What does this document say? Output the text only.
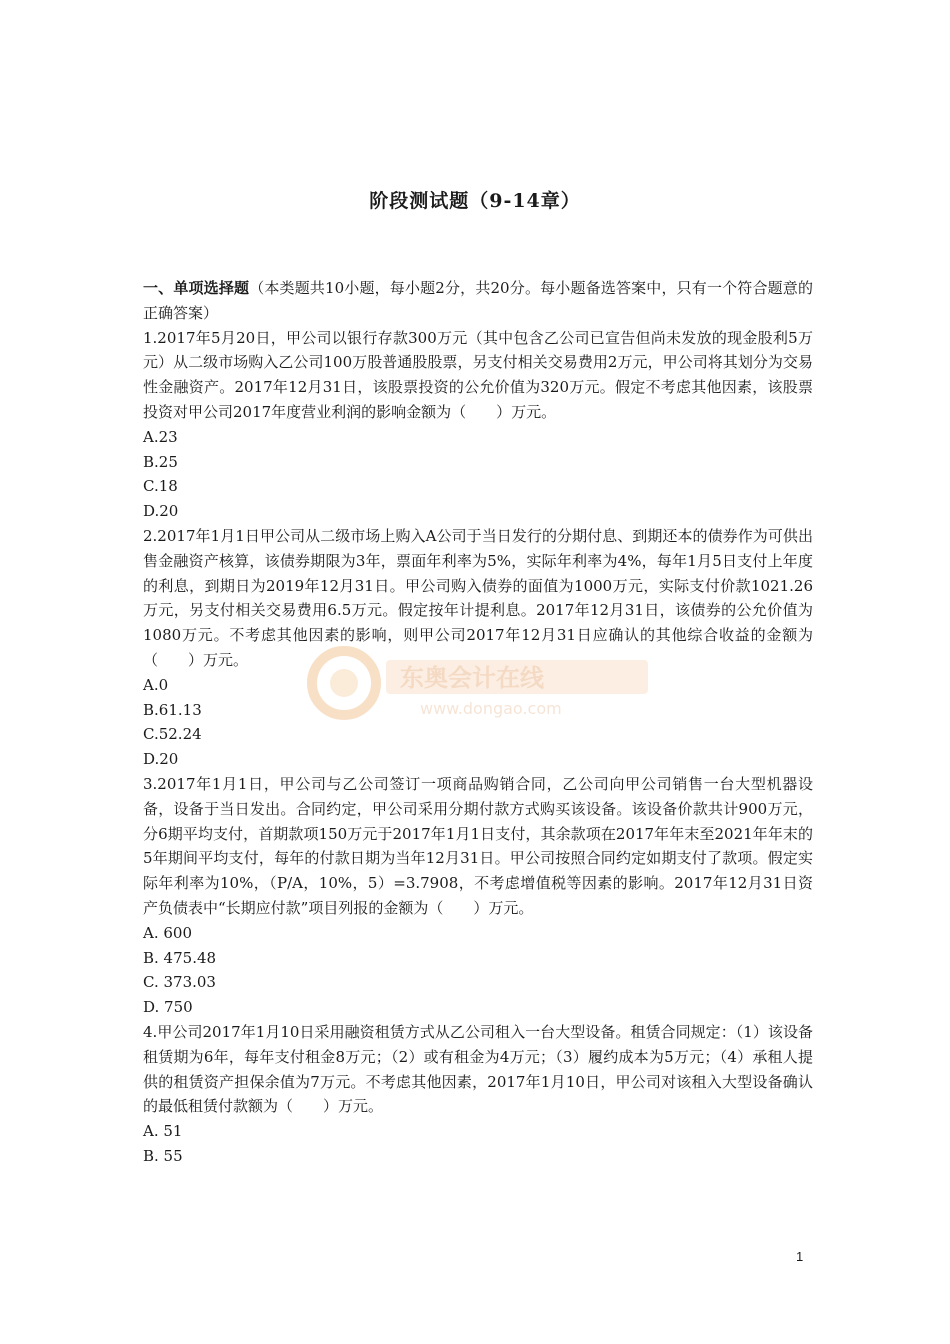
阶段测试题（9-14章）

一、单项选择题（本类题共10小题，每小题2分，共20分。每小题备选答案中，只有一个符合题意的正确答案）

1.2017年5月20日，甲公司以银行存款300万元（其中包含乙公司已宣告但尚未发放的现金股利5万元）从二级市场购入乙公司100万股普通股股票，另支付相关交易费用2万元，甲公司将其划分为交易性金融资产。2017年12月31日，该股票投资的公允价值为320万元。假定不考虑其他因素，该股票投资对甲公司2017年度营业利润的影响金额为（　　）万元。

A.23

B.25

C.18

D.20

2.2017年1月1日甲公司从二级市场上购入A公司于当日发行的分期付息、到期还本的债券作为可供出售金融资产核算，该债券期限为3年，票面年利率为5%，实际年利率为4%，每年1月5日支付上年度的利息，到期日为2019年12月31日。甲公司购入债券的面值为1000万元，实际支付价款1021.26万元，另支付相关交易费用6.5万元。假定按年计提利息。2017年12月31日，该债券的公允价值为1080万元。不考虑其他因素的影响，则甲公司2017年12月31日应确认的其他综合收益的金额为（　　）万元。

A.0

B.61.13

C.52.24

D.20

3.2017年1月1日，甲公司与乙公司签订一项商品购销合同，乙公司向甲公司销售一台大型机器设备，设备于当日发出。合同约定，甲公司采用分期付款方式购买该设备。该设备价款共计900万元，分6期平均支付，首期款项150万元于2017年1月1日支付，其余款项在2017年年末至2021年年末的5年期间平均支付，每年的付款日期为当年12月31日。甲公司按照合同约定如期支付了款项。假定实际年利率为10%，（P/A，10%，5）=3.7908，不考虑增值税等因素的影响。2017年12月31日资产负债表中“长期应付款”项目列报的金额为（　　）万元。

A. 600

B. 475.48

C. 373.03

D. 750

4.甲公司2017年1月10日采用融资租赁方式从乙公司租入一台大型设备。租赁合同规定：（1）该设备租赁期为6年，每年支付租金8万元；（2）或有租金为4万元；（3）履约成本为5万元；（4）承租人提供的租赁资产担保余值为7万元。不考虑其他因素，2017年1月10日，甲公司对该租入大型设备确认的最低租赁付款额为（　　）万元。

A. 51

B. 55

东奥会计在线
www.dongao.com
1
